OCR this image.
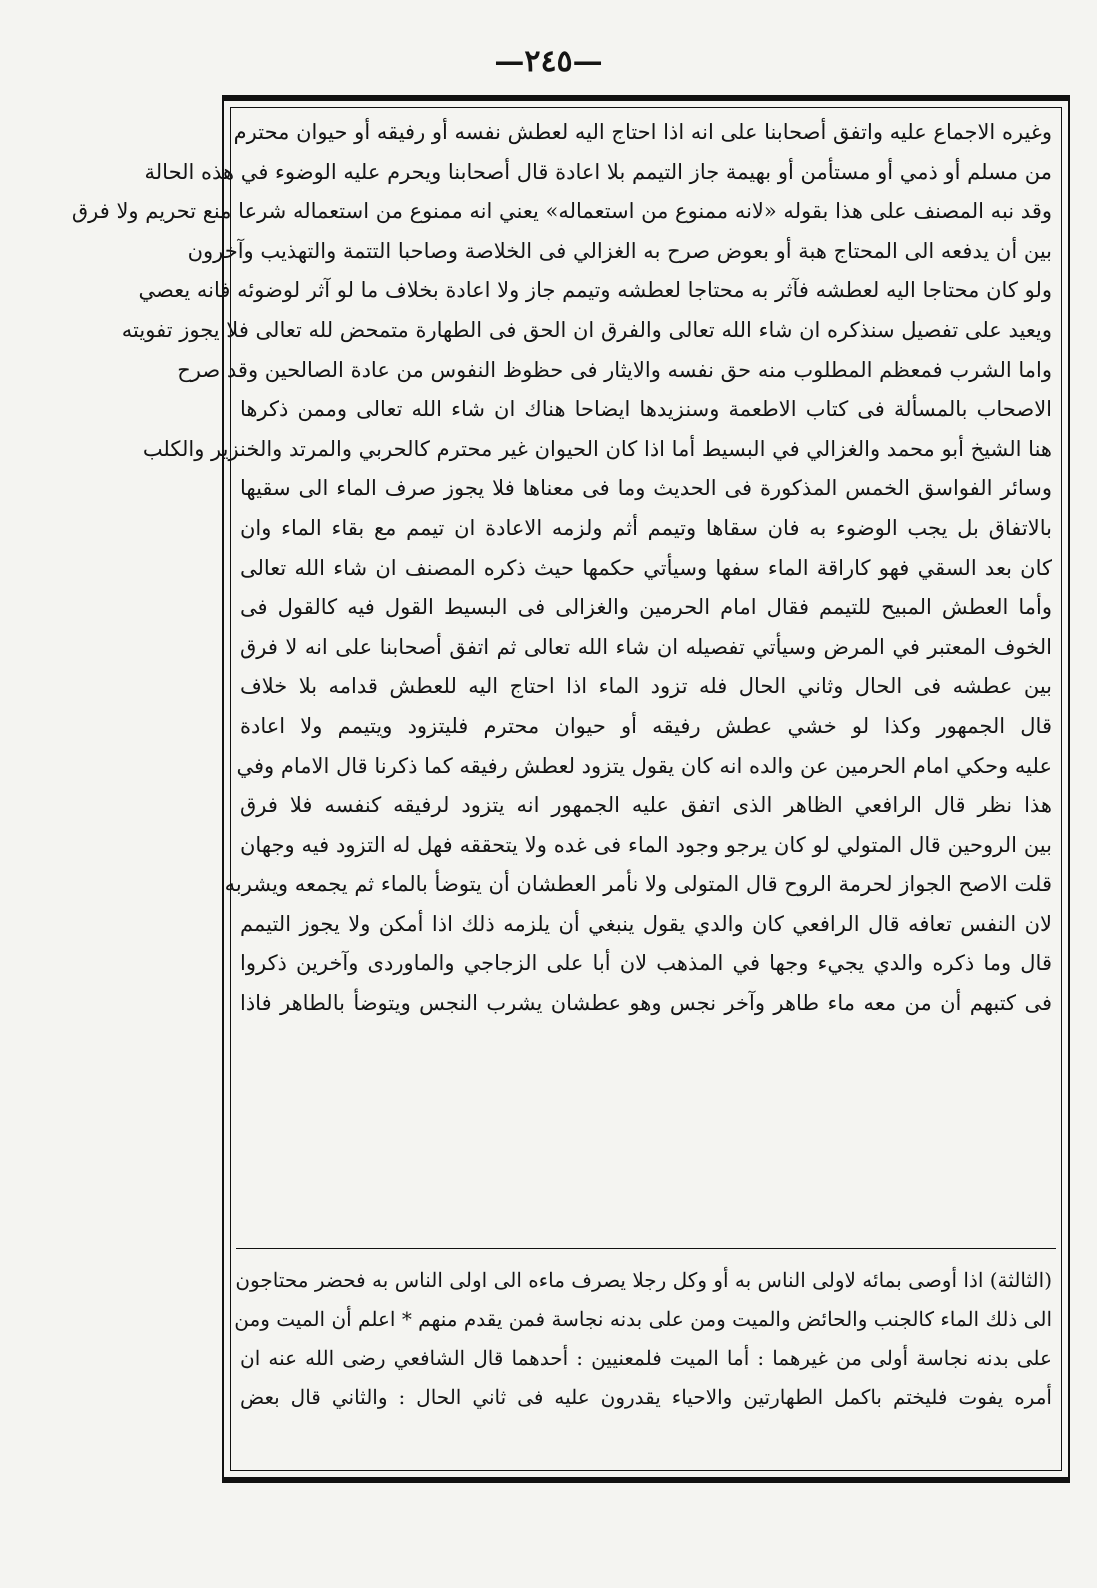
—٢٤٥—
وغيره الاجماع عليه واتفق أصحابنا على انه اذا احتاج اليه لعطش نفسه أو رفيقه أو حيوان محترم
من مسلم أو ذمي أو مستأمن أو بهيمة جاز التيمم بلا اعادة قال أصحابنا ويحرم عليه الوضوء في هذه الحالة
وقد نبه المصنف على هذا بقوله «لانه ممنوع من استعماله» يعني انه ممنوع من استعماله شرعا منع تحريم ولا فرق
بين أن يدفعه الى المحتاج هبة أو بعوض صرح به الغزالي فى الخلاصة وصاحبا التتمة والتهذيب وآخرون
ولو كان محتاجا اليه لعطشه فآثر به محتاجا لعطشه وتيمم جاز ولا اعادة بخلاف ما لو آثر لوضوئه فانه يعصي
ويعيد على تفصيل سنذكره ان شاء الله تعالى والفرق ان الحق فى الطهارة متمحض لله تعالى فلا يجوز تفويته
واما الشرب فمعظم المطلوب منه حق نفسه والايثار فى حظوظ النفوس من عادة الصالحين وقد صرح
الاصحاب بالمسألة فى كتاب الاطعمة وسنزيدها ايضاحا هناك ان شاء الله تعالى وممن ذكرها
هنا الشيخ أبو محمد والغزالي في البسيط أما اذا كان الحيوان غير محترم كالحربي والمرتد والخنزير والكلب
وسائر الفواسق الخمس المذكورة فى الحديث وما فى معناها فلا يجوز صرف الماء الى سقيها
بالاتفاق بل يجب الوضوء به فان سقاها وتيمم أثم ولزمه الاعادة ان تيمم مع بقاء الماء وان
كان بعد السقي فهو كاراقة الماء سفها وسيأتي حكمها حيث ذكره المصنف ان شاء الله تعالى
وأما العطش المبيح للتيمم فقال امام الحرمين والغزالى فى البسيط القول فيه كالقول فى
الخوف المعتبر في المرض وسيأتي تفصيله ان شاء الله تعالى ثم اتفق أصحابنا على انه لا فرق
بين عطشه فى الحال وثاني الحال فله تزود الماء اذا احتاج اليه للعطش قدامه بلا خلاف
قال الجمهور وكذا لو خشي عطش رفيقه أو حيوان محترم فليتزود ويتيمم ولا اعادة
عليه وحكي امام الحرمين عن والده انه كان يقول يتزود لعطش رفيقه كما ذكرنا قال الامام وفي
هذا نظر قال الرافعي الظاهر الذى اتفق عليه الجمهور انه يتزود لرفيقه كنفسه فلا فرق
بين الروحين قال المتولي لو كان يرجو وجود الماء فى غده ولا يتحققه فهل له التزود فيه وجهان
قلت الاصح الجواز لحرمة الروح قال المتولى ولا نأمر العطشان أن يتوضأ بالماء ثم يجمعه ويشربه
لان النفس تعافه قال الرافعي كان والدي يقول ينبغي أن يلزمه ذلك اذا أمكن ولا يجوز التيمم
قال وما ذكره والدي يجيء وجها في المذهب لان أبا على الزجاجي والماوردى وآخرين ذكروا
فى كتبهم أن من معه ماء طاهر وآخر نجس وهو عطشان يشرب النجس ويتوضأ بالطاهر فاذا
(الثالثة) اذا أوصى بمائه لاولى الناس به أو وكل رجلا يصرف ماءه الى اولى الناس به فحضر محتاجون
الى ذلك الماء كالجنب والحائض والميت ومن على بدنه نجاسة فمن يقدم منهم * اعلم أن الميت ومن
على بدنه نجاسة أولى من غيرهما : أما الميت فلمعنيين : أحدهما قال الشافعي رضى الله عنه ان
أمره يفوت فليختم باكمل الطهارتين والاحياء يقدرون عليه فى ثاني الحال : والثاني قال بعض
